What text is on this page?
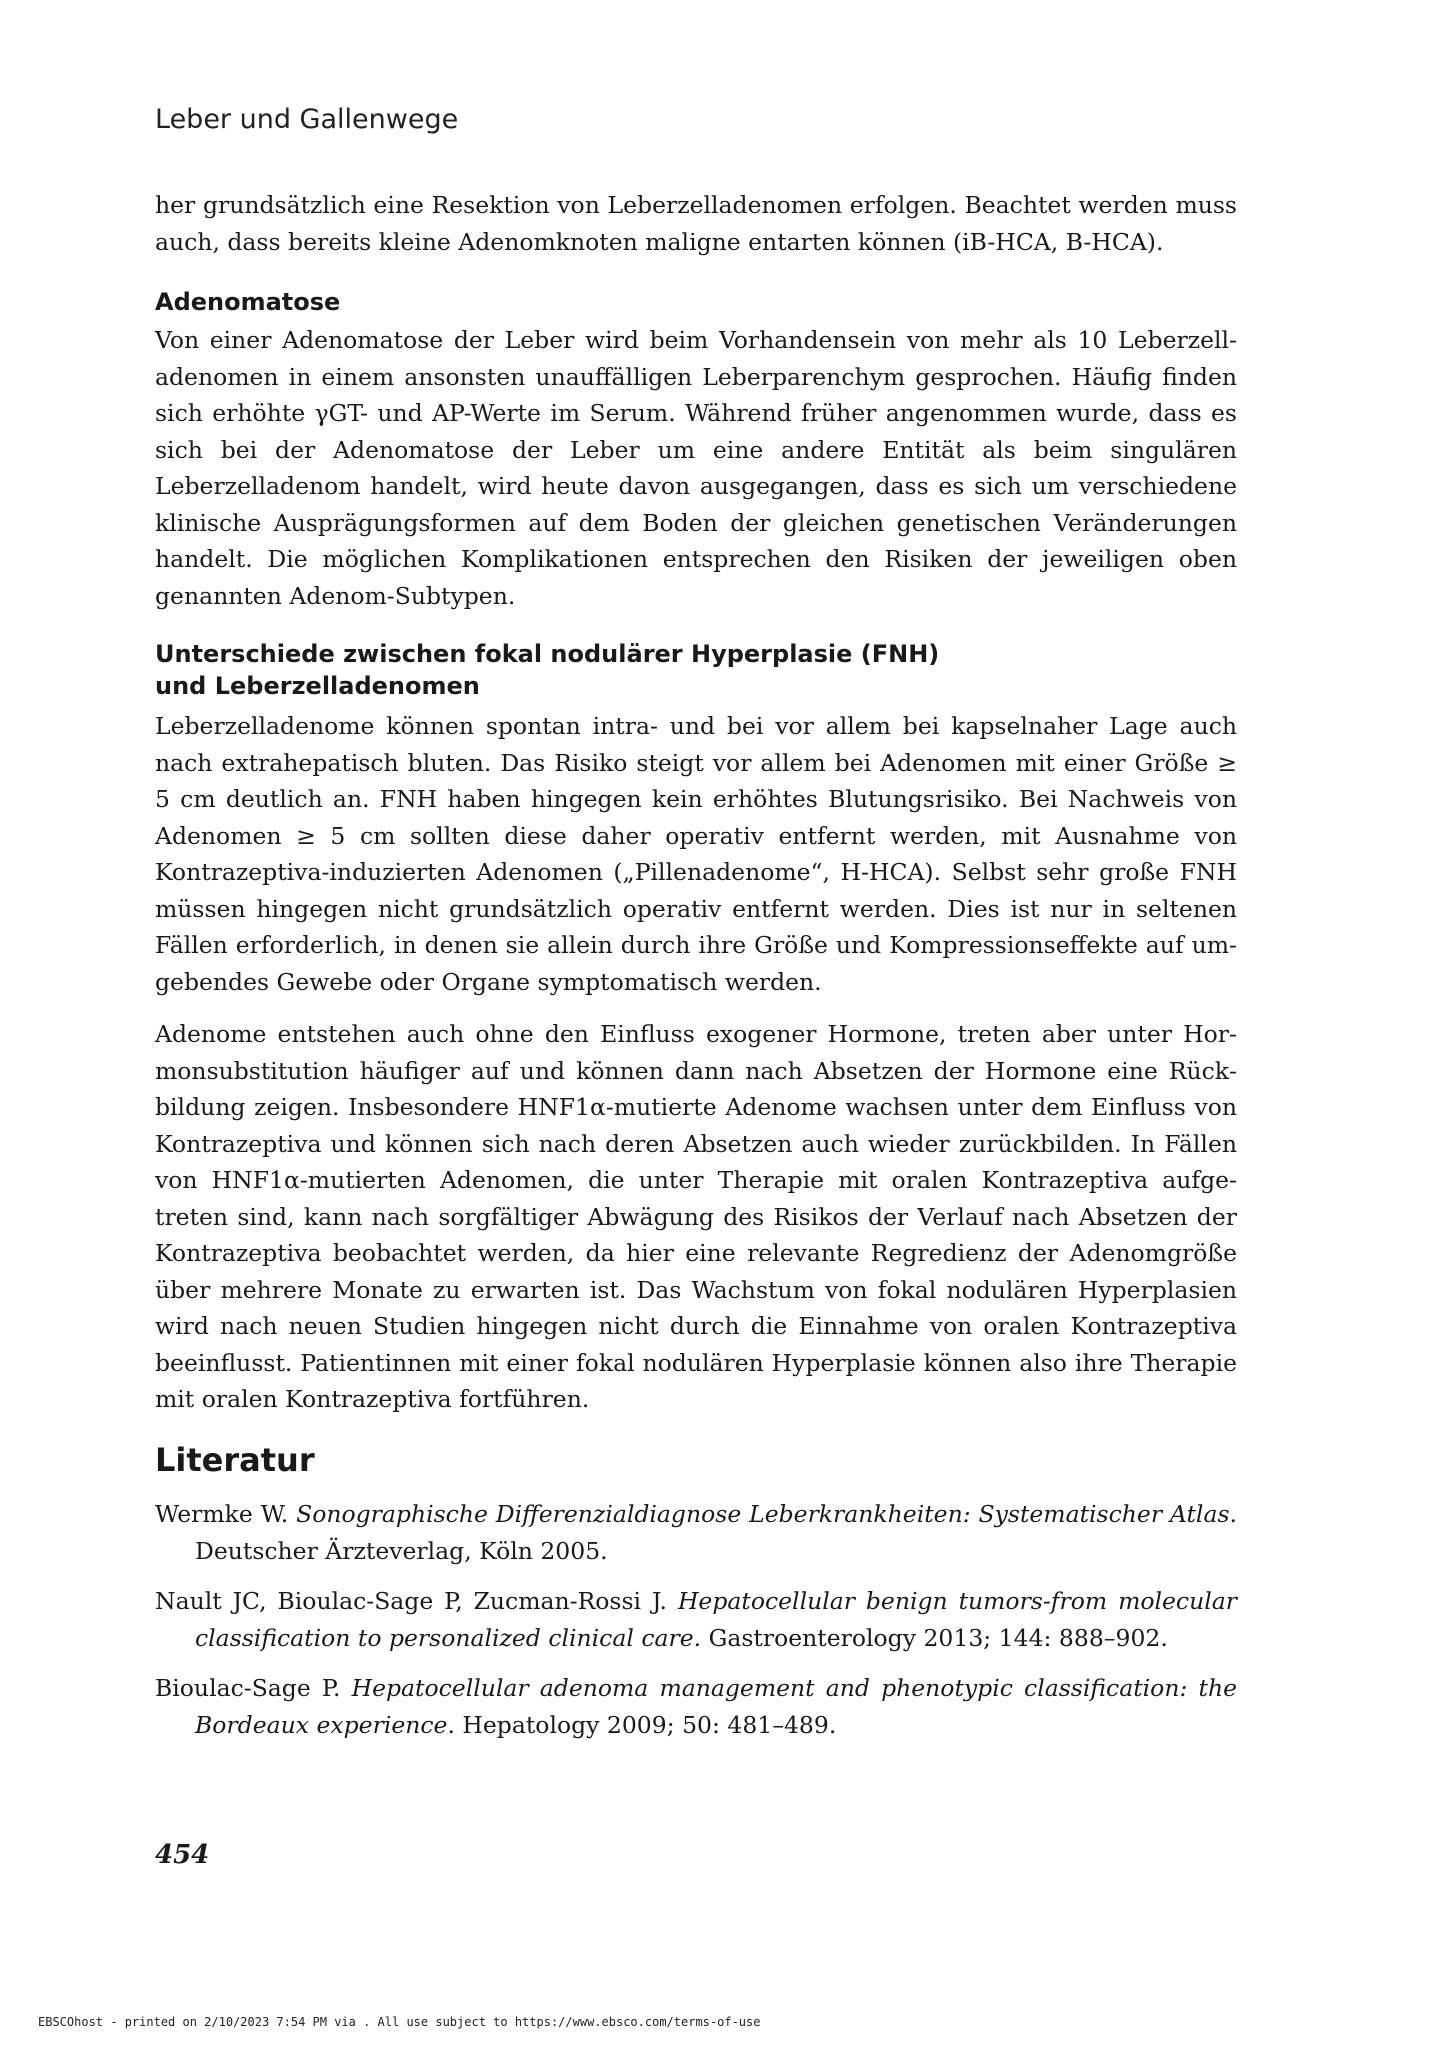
Leber und Gallenwege

her grundsätzlich eine Resektion von Leberzelladenomen erfolgen. Beachtet werden muss auch, dass bereits kleine Adenomknoten maligne entarten können (iB-HCA, B-HCA).

Adenomatose

Von einer Adenomatose der Leber wird beim Vorhandensein von mehr als 10 Leberzelladenomen in einem ansonsten unauffälligen Leberparenchym gesprochen. Häufig finden sich erhöhte γGT- und AP-Werte im Serum. Während früher angenommen wurde, dass es sich bei der Adenomatose der Leber um eine andere Entität als beim singulären Leberzelladenom handelt, wird heute davon ausgegangen, dass es sich um verschiedene klinische Ausprägungsformen auf dem Boden der gleichen genetischen Veränderungen handelt. Die möglichen Komplikationen entsprechen den Risiken der jeweiligen oben genannten Adenom-Subtypen.

Unterschiede zwischen fokal nodulärer Hyperplasie (FNH)
und Leberzelladenomen

Leberzelladenome können spontan intra- und bei vor allem bei kapselnaher Lage auch nach extrahepatisch bluten. Das Risiko steigt vor allem bei Adenomen mit einer Größe ≥ 5 cm deutlich an. FNH haben hingegen kein erhöhtes Blutungsrisiko. Bei Nachweis von Adenomen ≥ 5 cm sollten diese daher operativ entfernt werden, mit Ausnahme von Kontrazeptiva-induzierten Adenomen („Pillenadenome“, H-HCA). Selbst sehr große FNH müssen hingegen nicht grundsätzlich operativ entfernt werden. Dies ist nur in seltenen Fällen erforderlich, in denen sie allein durch ihre Größe und Kompressionseffekte auf umgebendes Gewebe oder Organe symptomatisch werden.

Adenome entstehen auch ohne den Einfluss exogener Hormone, treten aber unter Hormonsubstitution häufiger auf und können dann nach Absetzen der Hormone eine Rückbildung zeigen. Insbesondere HNF1α-mutierte Adenome wachsen unter dem Einfluss von Kontrazeptiva und können sich nach deren Absetzen auch wieder zurückbilden. In Fällen von HNF1α-mutierten Adenomen, die unter Therapie mit oralen Kontrazeptiva aufgetreten sind, kann nach sorgfältiger Abwägung des Risikos der Verlauf nach Absetzen der Kontrazeptiva beobachtet werden, da hier eine relevante Regredienz der Adenomgröße über mehrere Monate zu erwarten ist. Das Wachstum von fokal nodulären Hyperplasien wird nach neuen Studien hingegen nicht durch die Einnahme von oralen Kontrazeptiva beeinflusst. Patientinnen mit einer fokal nodulären Hyperplasie können also ihre Therapie mit oralen Kontrazeptiva fortführen.

Literatur

Wermke W. Sonographische Differenzialdiagnose Leberkrankheiten: Systematischer Atlas. Deutscher Ärzteverlag, Köln 2005.

Nault JC, Bioulac-Sage P, Zucman-Rossi J. Hepatocellular benign tumors-from molecular classification to personalized clinical care. Gastroenterology 2013; 144: 888–902.

Bioulac-Sage P. Hepatocellular adenoma management and phenotypic classification: the Bordeaux experience. Hepatology 2009; 50: 481–489.

454

EBSCOhost - printed on 2/10/2023 7:54 PM via . All use subject to https://www.ebsco.com/terms-of-use
